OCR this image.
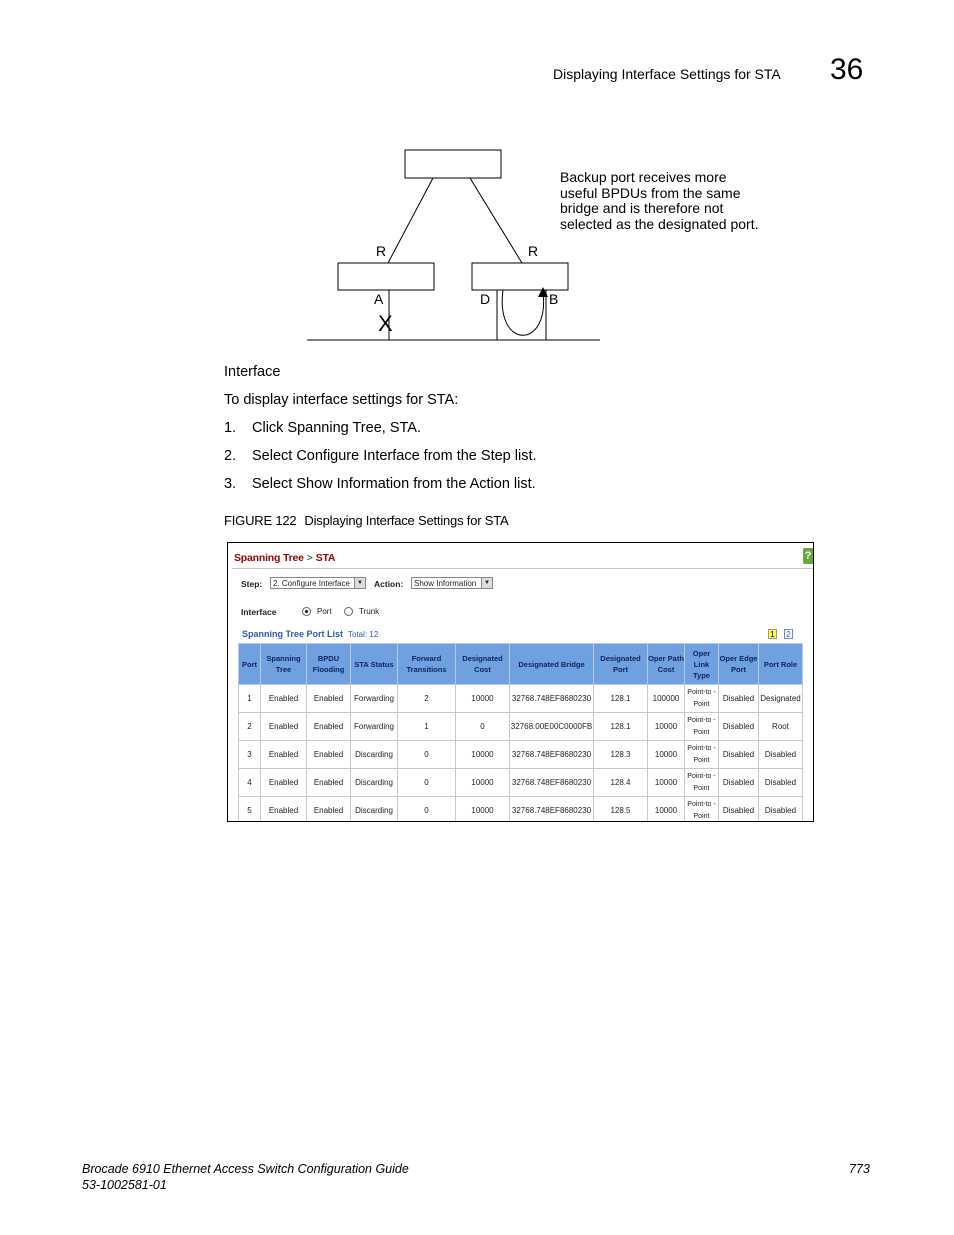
Displaying Interface Settings for STA 36
R	R
A	D	B
X
Backup port receives more useful BPDUs from the same bridge and is therefore not selected as the designated port.
Interface
To display interface settings for STA:
1. Click Spanning Tree, STA.
2. Select Configure Interface from the Step list.
3. Select Show Information from the Action list.
FIGURE 122 Displaying Interface Settings for STA
Spanning Tree > STA	?
Step:	2. Configure Interface	▼ Action:	Show Information	▼
Interface	Port	Trunk
Spanning Tree Port List Total: 12	1 2
Port	Spanning Tree	BPDU Flooding	STA Status	Forward Transitions	Designated Cost	Designated Bridge	Designated Port	Oper Path Cost	Oper Link Type	Oper Edge Port	Port Role
1	Enabled	Enabled	Forwarding	2	10000	32768.748EF8680230	128.1	100000	Point-to -Point	Disabled	Designated
2	Enabled	Enabled	Forwarding	1	0	32768.00E00C0000FB	128.1	10000	Point-to -Point	Disabled	Root
3	Enabled	Enabled	Discarding	0	10000	32768.748EF8680230	128.3	10000	Point-to -Point	Disabled	Disabled
4	Enabled	Enabled	Discarding	0	10000	32768.748EF8680230	128.4	10000	Point-to -Point	Disabled	Disabled
5	Enabled	Enabled	Discarding	0	10000	32768.748EF8680230	128.5	10000	Point-to -Point	Disabled	Disabled
Brocade 6910 Ethernet Access Switch Configuration Guide
53-1002581-01
773
